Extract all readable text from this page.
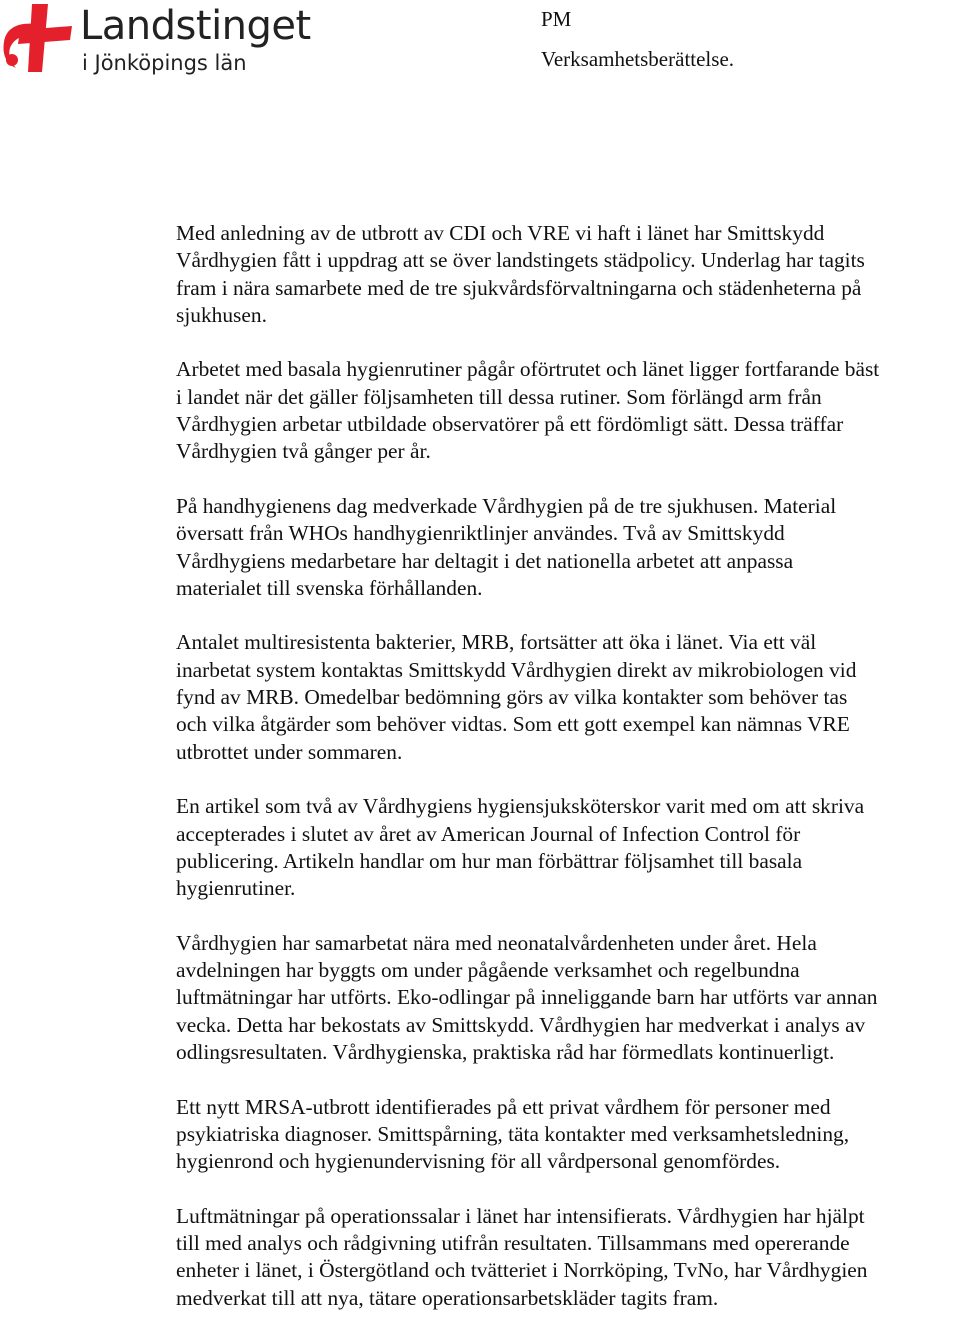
Landstinget
i Jönköpings län

PM

Verksamhetsberättelse.

Med anledning av de utbrott av CDI och VRE vi haft i länet har Smittskydd
Vårdhygien fått i uppdrag att se över landstingets städpolicy. Underlag har tagits
fram i nära samarbete med de tre sjukvårdsförvaltningarna och städenheterna på
sjukhusen.

Arbetet med basala hygienrutiner pågår oförtrutet och länet ligger fortfarande bäst
i landet när det gäller följsamheten till dessa rutiner. Som förlängd arm från
Vårdhygien arbetar utbildade observatörer på ett fördömligt sätt. Dessa träffar
Vårdhygien två gånger per år.

På handhygienens dag medverkade Vårdhygien på de tre sjukhusen. Material
översatt från WHOs handhygienriktlinjer användes. Två av Smittskydd
Vårdhygiens medarbetare har deltagit i det nationella arbetet att anpassa
materialet till svenska förhållanden.

Antalet multiresistenta bakterier, MRB, fortsätter att öka i länet. Via ett väl
inarbetat system kontaktas Smittskydd Vårdhygien direkt av mikrobiologen vid
fynd av MRB. Omedelbar bedömning görs av vilka kontakter som behöver tas
och vilka åtgärder som behöver vidtas. Som ett gott exempel kan nämnas VRE
utbrottet under sommaren.

En artikel som två av Vårdhygiens hygiensjuksköterskor varit med om att skriva
accepterades i slutet av året av American Journal of Infection Control för
publicering. Artikeln handlar om hur man förbättrar följsamhet till basala
hygienrutiner.

Vårdhygien har samarbetat nära med neonatalvårdenheten under året. Hela
avdelningen har byggts om under pågående verksamhet och regelbundna
luftmätningar har utförts. Eko-odlingar på inneliggande barn har utförts var annan
vecka. Detta har bekostats av Smittskydd. Vårdhygien har medverkat i analys av
odlingsresultaten. Vårdhygienska, praktiska råd har förmedlats kontinuerligt.

Ett nytt MRSA-utbrott identifierades på ett privat vårdhem för personer med
psykiatriska diagnoser. Smittspårning, täta kontakter med verksamhetsledning,
hygienrond och hygienundervisning för all vårdpersonal genomfördes.

Luftmätningar på operationssalar i länet har intensifierats. Vårdhygien har hjälpt
till med analys och rådgivning utifrån resultaten. Tillsammans med opererande
enheter i länet, i Östergötland och tvätteriet i Norrköping, TvNo, har Vårdhygien
medverkat till att nya, tätare operationsarbetskläder tagits fram.
